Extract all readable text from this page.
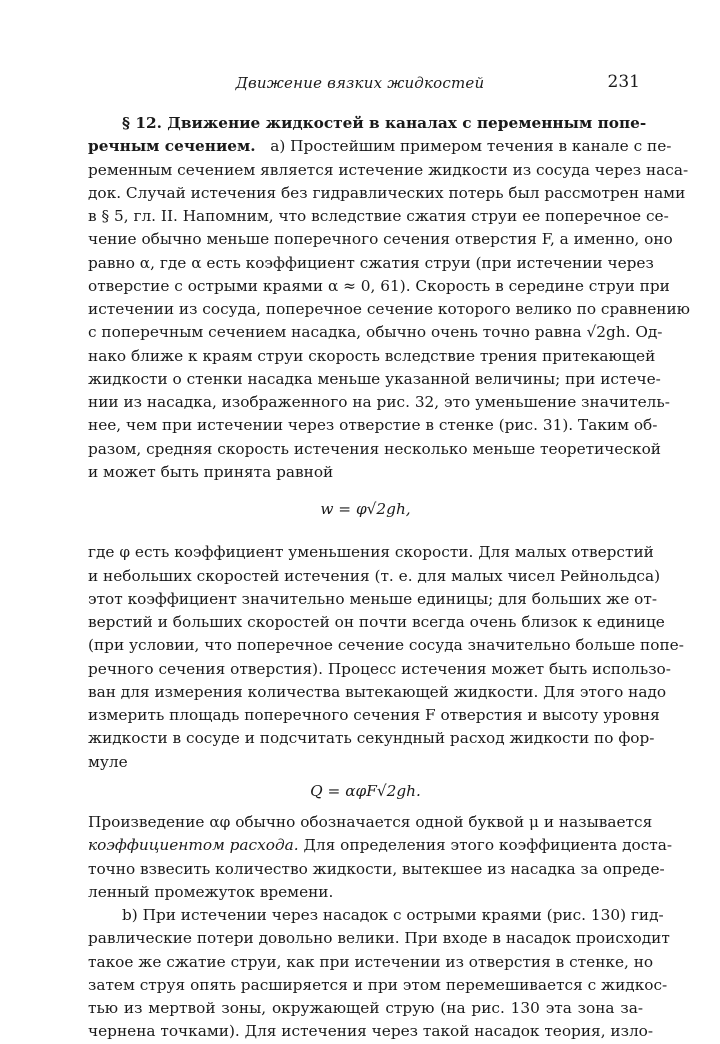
Движение вязких жидкостей	231
§ 12. Движение жидкостей в каналах с переменным попе-
речным сечением. а) Простейшим примером течения в канале с пе-
ременным сечением является истечение жидкости из сосуда через наса-
док. Случай истечения без гидравлических потерь был рассмотрен нами
в § 5, гл. II. Напомним, что вследствие сжатия струи ее поперечное се-
чение обычно меньше поперечного сечения отверстия F, а именно, оно
равно α, где α есть коэффициент сжатия струи (при истечении через
отверстие с острыми краями α ≈ 0, 61). Скорость в середине струи при
истечении из сосуда, поперечное сечение которого велико по сравнению
с поперечным сечением насадка, обычно очень точно равна √2gh. Од-
нако ближе к краям струи скорость вследствие трения притекающей
жидкости о стенки насадка меньше указанной величины; при истече-
нии из насадка, изображенного на рис. 32, это уменьшение значитель-
нее, чем при истечении через отверстие в стенке (рис. 31). Таким об-
разом, средняя скорость истечения несколько меньше теоретической
и может быть принята равной
w = φ√2gh,
где φ есть коэффициент уменьшения скорости. Для малых отверстий
и небольших скоростей истечения (т. е. для малых чисел Рейнольдса)
этот коэффициент значительно меньше единицы; для больших же от-
верстий и больших скоростей он почти всегда очень близок к единице
(при условии, что поперечное сечение сосуда значительно больше попе-
речного сечения отверстия). Процесс истечения может быть использо-
ван для измерения количества вытекающей жидкости. Для этого надо
измерить площадь поперечного сечения F отверстия и высоту уровня
жидкости в сосуде и подсчитать секундный расход жидкости по фор-
муле
Q = αφF√2gh.
Произведение αφ обычно обозначается одной буквой μ и называется
коэффициентом расхода. Для определения этого коэффициента доста-
точно взвесить количество жидкости, вытекшее из насадка за опреде-
ленный промежуток времени.
b) При истечении через насадок с острыми краями (рис. 130) гид-
равлические потери довольно велики. При входе в насадок происходит
такое же сжатие струи, как при истечении из отверстия в стенке, но
затем струя опять расширяется и при этом перемешивается с жидкос-
тью из мертвой зоны, окружающей струю (на рис. 130 эта зона за-
чернена точками). Для истечения через такой насадок теория, изло-
